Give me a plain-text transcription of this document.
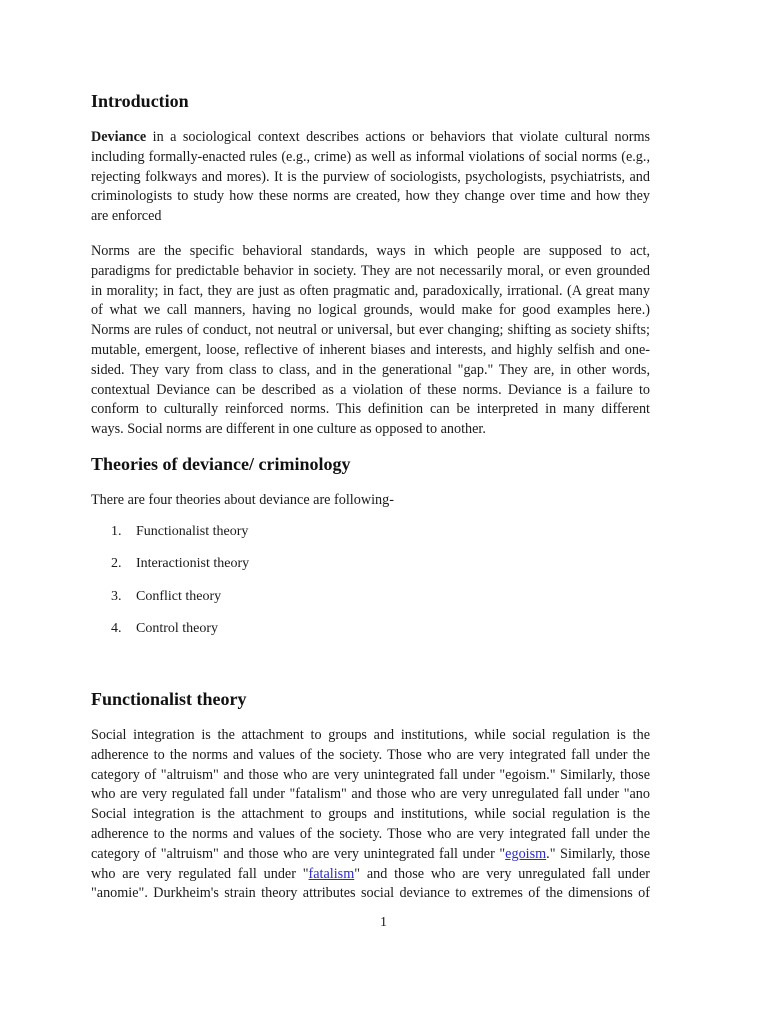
Introduction
Deviance in a sociological context describes actions or behaviors that violate cultural norms
including formally-enacted rules (e.g., crime) as well as informal violations of social norms (e.g.,
rejecting folkways and mores). It is the purview of sociologists, psychologists, psychiatrists, and
criminologists to study how these norms are created, how they change over time and how they
are enforced
Norms are the specific behavioral standards, ways in which people are supposed to act,
paradigms for predictable behavior in society. They are not necessarily moral, or even grounded
in morality; in fact, they are just as often pragmatic and, paradoxically, irrational. (A great many
of what we call manners, having no logical grounds, would make for good examples here.)
Norms are rules of conduct, not neutral or universal, but ever changing; shifting as society shifts;
mutable, emergent, loose, reflective of inherent biases and interests, and highly selfish and one-
sided. They vary from class to class, and in the generational "gap." They are, in other words,
contextual Deviance can be described as a violation of these norms. Deviance is a failure to
conform to culturally reinforced norms. This definition can be interpreted in many different
ways. Social norms are different in one culture as opposed to another.
Theories of deviance/ criminology
There are four theories about deviance are following-
1. Functionalist theory
2. Interactionist theory
3. Conflict theory
4. Control theory
Functionalist theory
Social integration is the attachment to groups and institutions, while social regulation is the
adherence to the norms and values of the society. Those who are very integrated fall under the
category of "altruism" and those who are very unintegrated fall under "egoism." Similarly, those
who are very regulated fall under "fatalism" and those who are very unregulated fall under "ano
Social integration is the attachment to groups and institutions, while social regulation is the
adherence to the norms and values of the society. Those who are very integrated fall under the
category of "altruism" and those who are very unintegrated fall under "egoism." Similarly, those
who are very regulated fall under "fatalism" and those who are very unregulated fall under
"anomie". Durkheim's strain theory attributes social deviance to extremes of the dimensions of
1
